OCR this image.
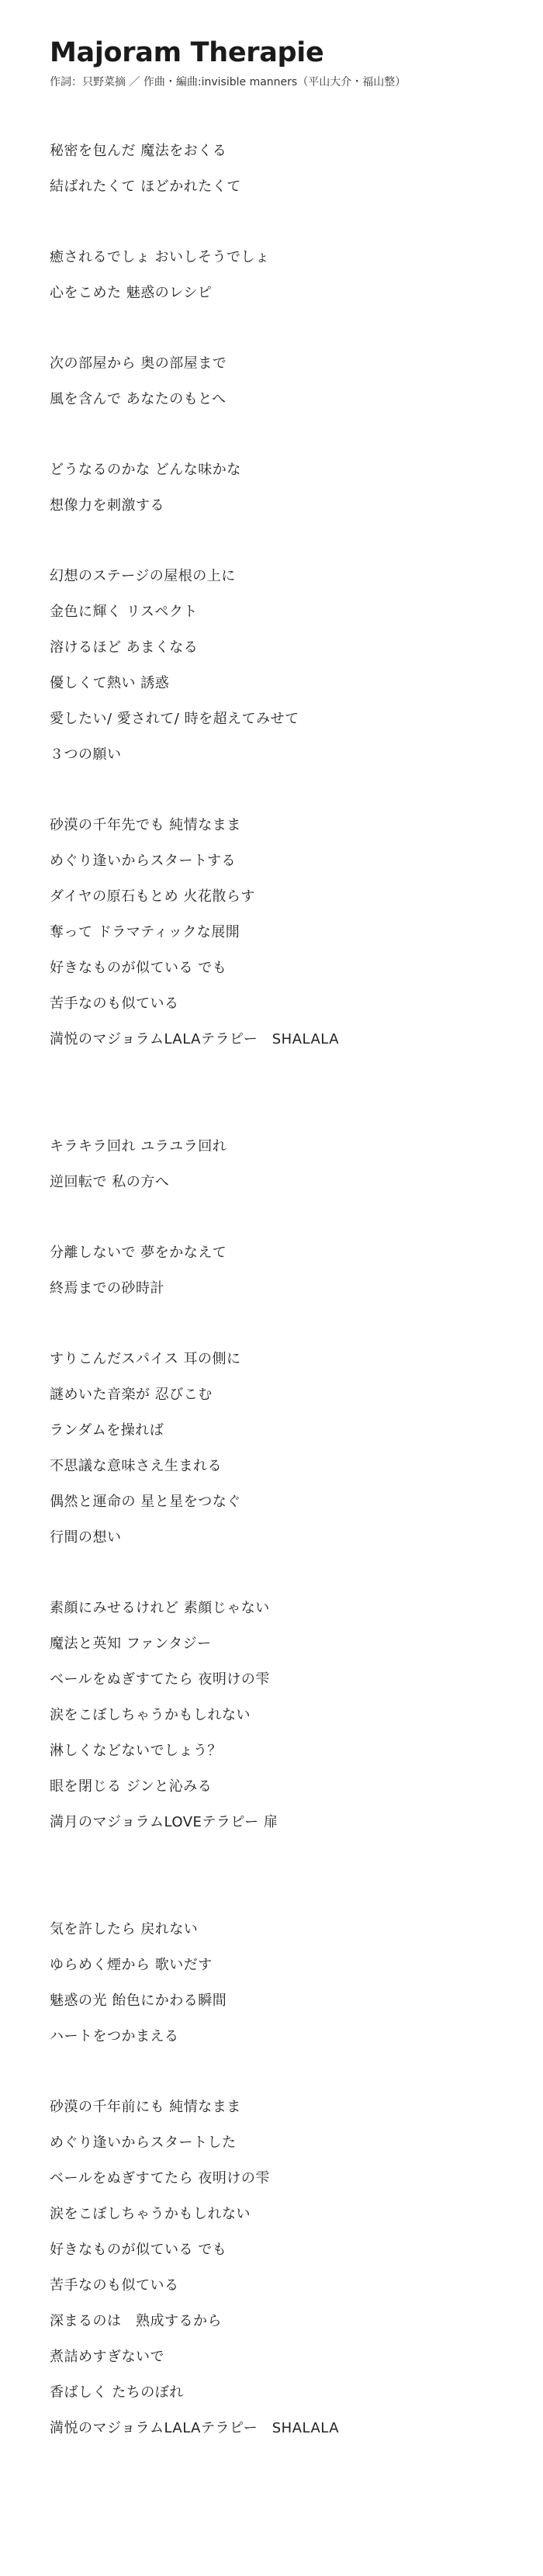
Majoram Therapie
作詞：只野菜摘 ／ 作曲・編曲:invisible manners（平山大介・福山整）
秘密を包んだ 魔法をおくる
結ばれたくて ほどかれたくて
癒されるでしょ おいしそうでしょ
心をこめた 魅惑のレシピ
次の部屋から 奥の部屋まで
風を含んで あなたのもとへ
どうなるのかな どんな味かな
想像力を刺激する
幻想のステージの屋根の上に
金色に輝く リスペクト
溶けるほど あまくなる
優しくて熱い 誘惑
愛したい/ 愛されて/ 時を超えてみせて
３つの願い
砂漠の千年先でも 純情なまま
めぐり逢いからスタートする
ダイヤの原石もとめ 火花散らす
奪って ドラマティックな展開
好きなものが似ている でも
苦手なのも似ている
満悦のマジョラムLALAテラピー　SHALALA
キラキラ回れ ユラユラ回れ
逆回転で 私の方へ
分離しないで 夢をかなえて
終焉までの砂時計
すりこんだスパイス 耳の側に
謎めいた音楽が 忍びこむ
ランダムを操れば
不思議な意味さえ生まれる
偶然と運命の 星と星をつなぐ
行間の想い
素顔にみせるけれど 素顔じゃない
魔法と英知 ファンタジー
ベールをぬぎすてたら 夜明けの雫
涙をこぼしちゃうかもしれない
淋しくなどないでしょう？
眼を閉じる ジンと沁みる
満月のマジョラムLOVEテラピー 扉
気を許したら 戻れない
ゆらめく煙から 歌いだす
魅惑の光 飴色にかわる瞬間
ハートをつかまえる
砂漠の千年前にも 純情なまま
めぐり逢いからスタートした
ベールをぬぎすてたら 夜明けの雫
涙をこぼしちゃうかもしれない
好きなものが似ている でも
苦手なのも似ている
深まるのは　熟成するから
煮詰めすぎないで
香ばしく たちのぼれ
満悦のマジョラムLALAテラピー　SHALALA
